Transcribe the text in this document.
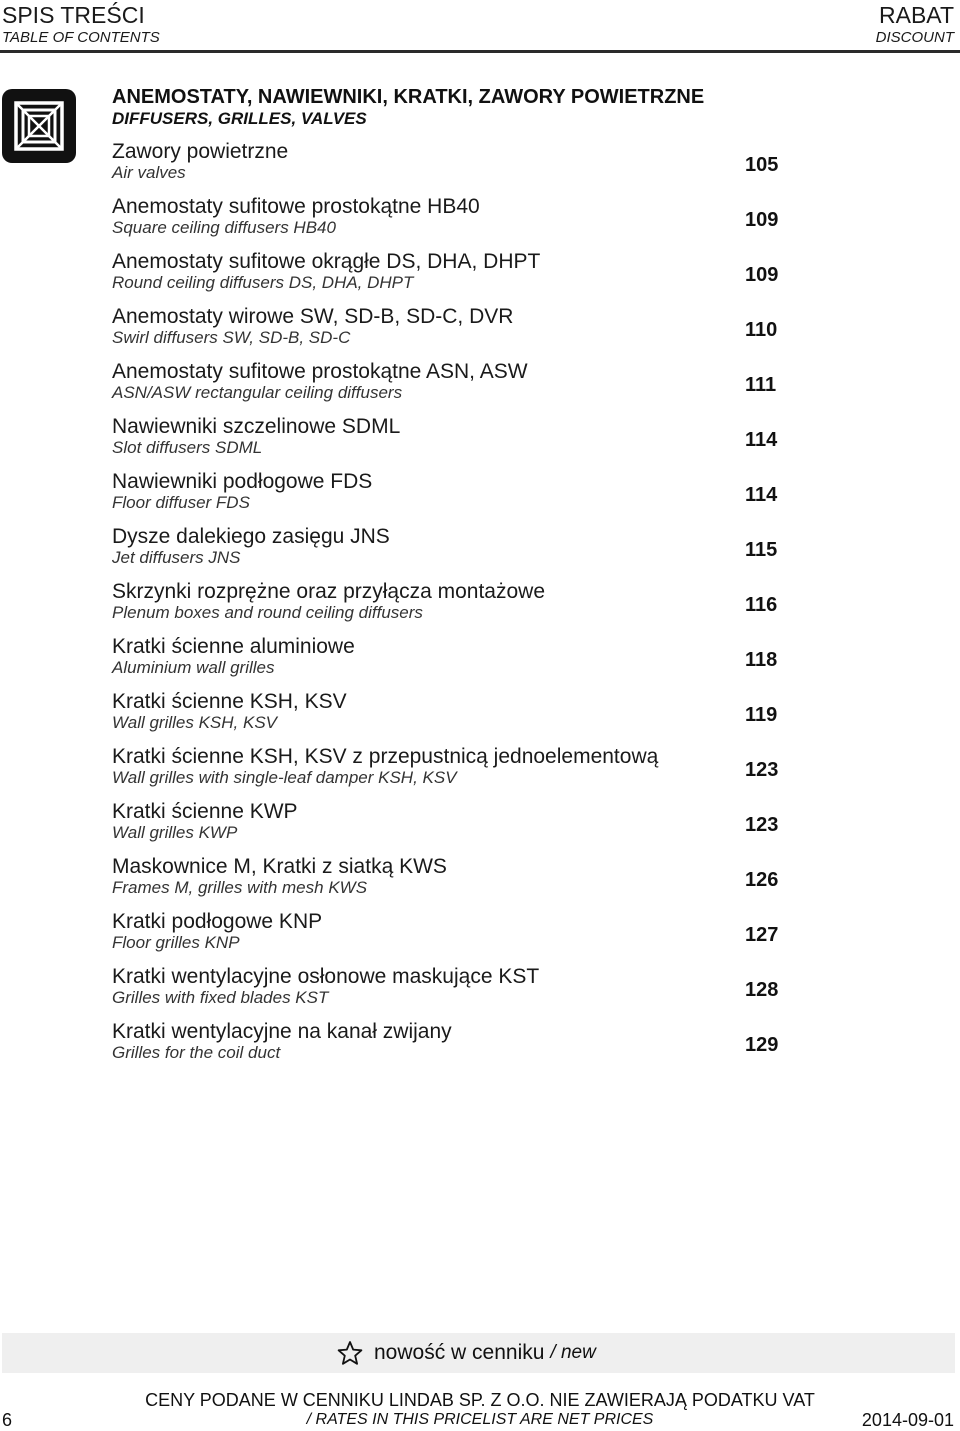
SPIS TREŚCI
TABLE OF CONTENTS
RABAT
DISCOUNT
ANEMOSTATY, NAWIEWNIKI, KRATKI, ZAWORY POWIETRZNE
DIFFUSERS, GRILLES, VALVES
Zawory powietrzne
Air valves	105
Anemostaty sufitowe prostokątne HB40
Square ceiling diffusers HB40	109
Anemostaty sufitowe okrągłe DS, DHA, DHPT
Round ceiling diffusers DS, DHA, DHPT	109
Anemostaty wirowe SW, SD-B, SD-C, DVR
Swirl diffusers SW, SD-B, SD-C	110
Anemostaty sufitowe prostokątne ASN, ASW
ASN/ASW rectangular ceiling diffusers	111
Nawiewniki szczelinowe SDML
Slot diffusers SDML	114
Nawiewniki podłogowe FDS
Floor diffuser FDS	114
Dysze dalekiego zasięgu JNS
Jet diffusers JNS	115
Skrzynki rozprężne oraz przyłącza montażowe
Plenum boxes and round ceiling diffusers	116
Kratki ścienne aluminiowe
Aluminium wall grilles	118
Kratki ścienne KSH, KSV
Wall grilles KSH, KSV	119
Kratki ścienne KSH, KSV z przepustnicą jednoelementową
Wall grilles with single-leaf damper KSH, KSV	123
Kratki ścienne KWP
Wall grilles KWP	123
Maskownice M, Kratki z siatką KWS
Frames M, grilles with mesh KWS	126
Kratki podłogowe KNP
Floor grilles KNP	127
Kratki wentylacyjne osłonowe maskujące KST
Grilles with fixed blades KST	128
Kratki wentylacyjne na kanał zwijany
Grilles for the coil duct	129
nowość w cenniku / new
6
CENY PODANE W CENNIKU LINDAB SP. Z O.O. NIE ZAWIERAJĄ PODATKU VAT
/ RATES IN THIS PRICELIST ARE NET PRICES	2014-09-01
